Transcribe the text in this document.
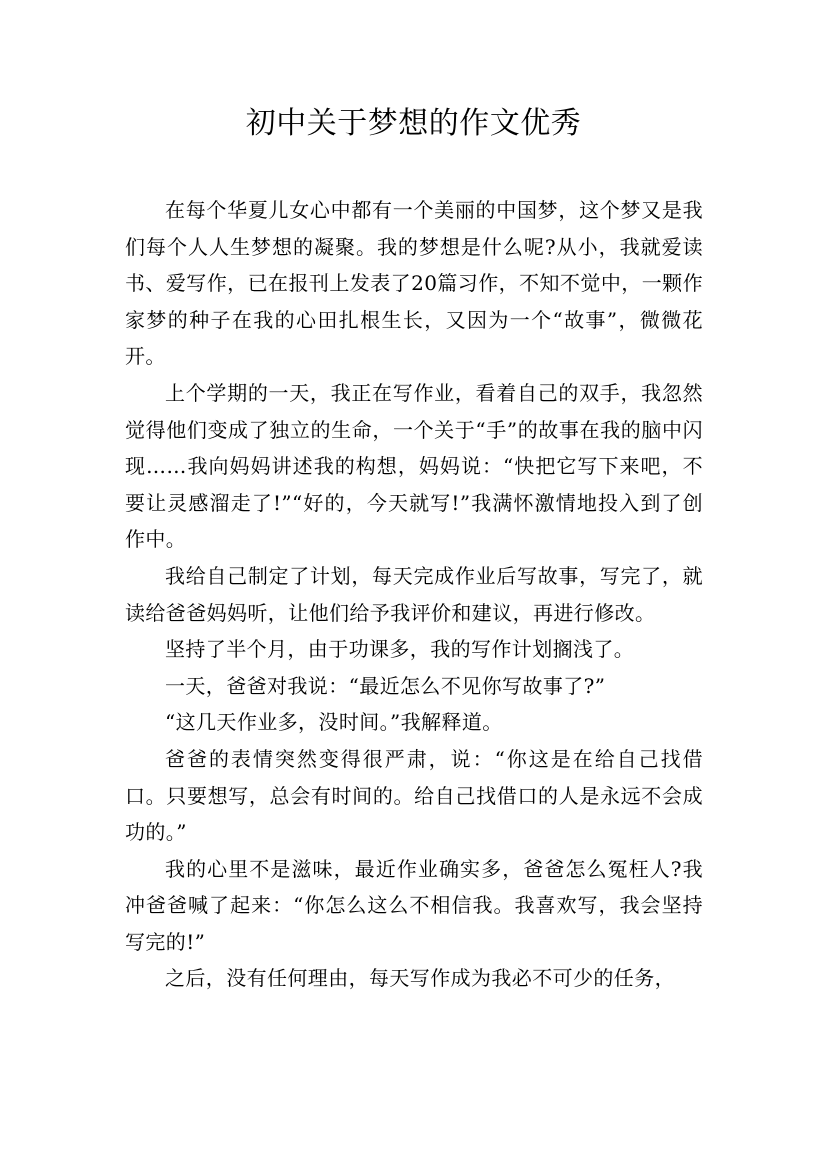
初中关于梦想的作文优秀

在每个华夏儿女心中都有一个美丽的中国梦，这个梦又是我们每个人人生梦想的凝聚。我的梦想是什么呢?从小，我就爱读书、爱写作，已在报刊上发表了20篇习作，不知不觉中，一颗作家梦的种子在我的心田扎根生长，又因为一个“故事”，微微花开。

上个学期的一天，我正在写作业，看着自己的双手，我忽然觉得他们变成了独立的生命，一个关于“手”的故事在我的脑中闪现……我向妈妈讲述我的构想，妈妈说：“快把它写下来吧，不要让灵感溜走了!”“好的，今天就写!”我满怀激情地投入到了创作中。

我给自己制定了计划，每天完成作业后写故事，写完了，就读给爸爸妈妈听，让他们给予我评价和建议，再进行修改。

坚持了半个月，由于功课多，我的写作计划搁浅了。

一天，爸爸对我说：“最近怎么不见你写故事了?”

“这几天作业多，没时间。”我解释道。

爸爸的表情突然变得很严肃，说：“你这是在给自己找借口。只要想写，总会有时间的。给自己找借口的人是永远不会成功的。”

我的心里不是滋味，最近作业确实多，爸爸怎么冤枉人?我冲爸爸喊了起来：“你怎么这么不相信我。我喜欢写，我会坚持写完的!”

之后，没有任何理由，每天写作成为我必不可少的任务，
